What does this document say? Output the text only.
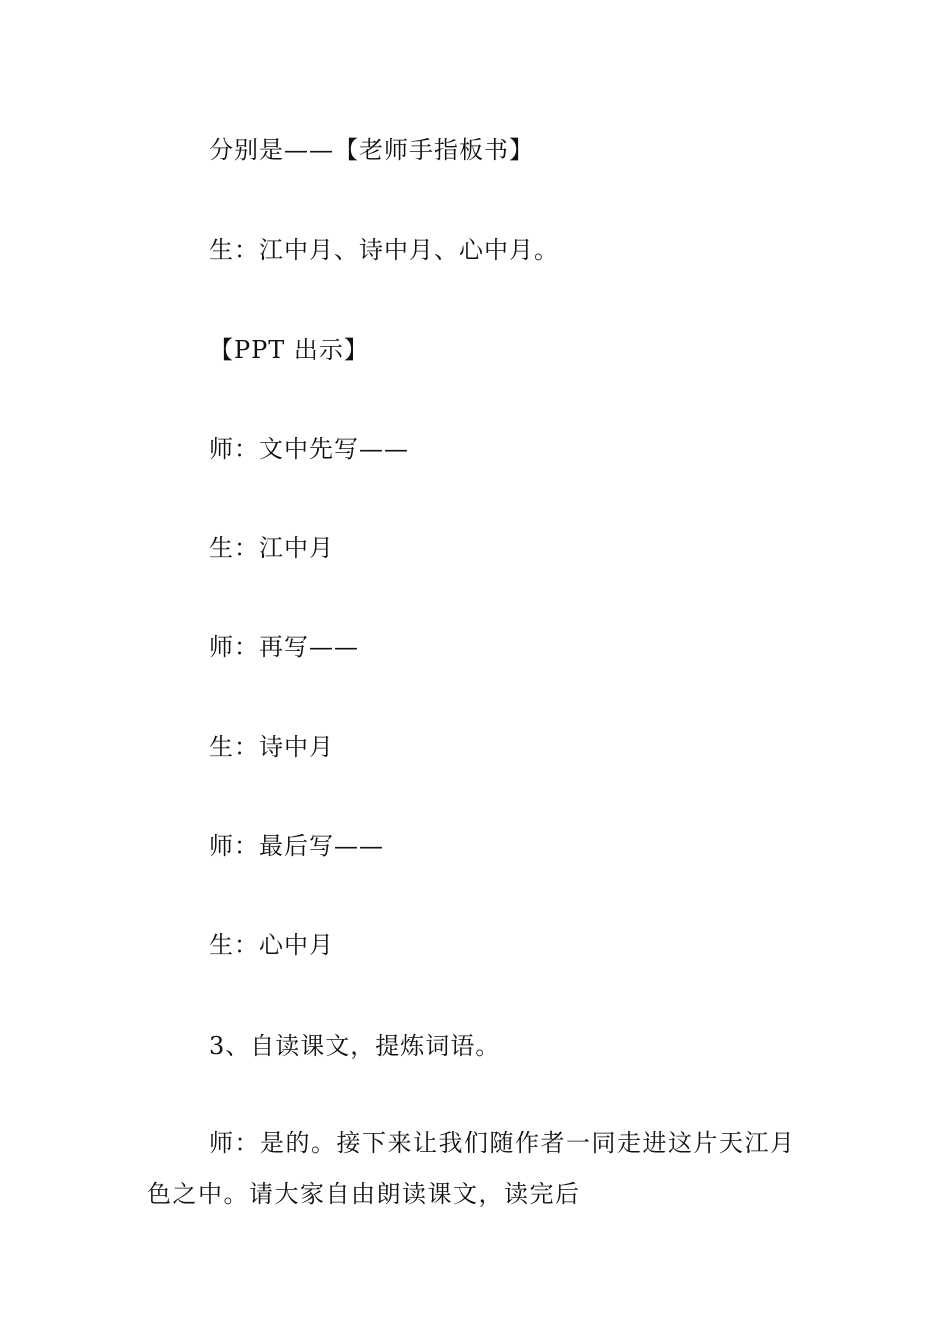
分别是——【老师手指板书】
生：江中月、诗中月、心中月。
【PPT 出示】
师：文中先写——
生：江中月
师：再写——
生：诗中月
师：最后写——
生：心中月
3、自读课文，提炼词语。
师：是的。接下来让我们随作者一同走进这片天江月
色之中。请大家自由朗读课文，读完后
